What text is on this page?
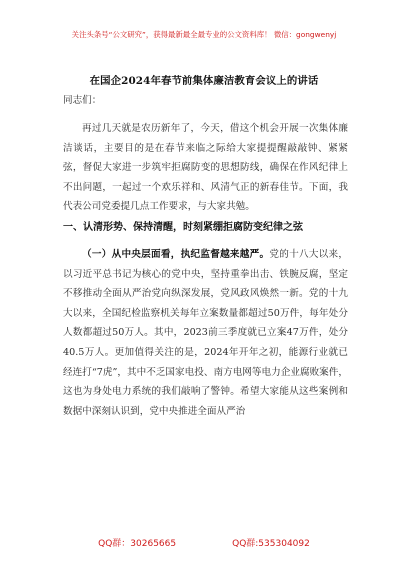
关注头条号“公文研究”，获得最新最全最专业的公文资料库！ 微信：gongwenyj
在国企2024年春节前集体廉洁教育会议上的讲话

同志们：

再过几天就是农历新年了，今天，借这个机会开展一次集体廉洁谈话，主要目的是在春节来临之际给大家提提醒敲敲钟、紧紧弦，督促大家进一步筑牢拒腐防变的思想防线，确保在作风纪律上不出问题，一起过一个欢乐祥和、风清气正的新春佳节。下面，我代表公司党委提几点工作要求，与大家共勉。

一、认清形势、保持清醒，时刻紧绷拒腐防变纪律之弦

（一）从中央层面看，执纪监督越来越严。党的十八大以来，以习近平总书记为核心的党中央，坚持重拳出击、铁腕反腐，坚定不移推动全面从严治党向纵深发展，党风政风焕然一新。党的十九大以来，全国纪检监察机关每年立案数量都超过50万件，每年处分人数都超过50万人。其中，2023前三季度就已立案47万件，处分40.5万人。更加值得关注的是，2024年开年之初，能源行业就已经连打“7虎”，其中不乏国家电投、南方电网等电力企业腐败案件，这也为身处电力系统的我们敲响了警钟。希望大家能从这些案例和数据中深刻认识到，党中央推进全面从严治

QQ群：30265665	QQ群:535304092
